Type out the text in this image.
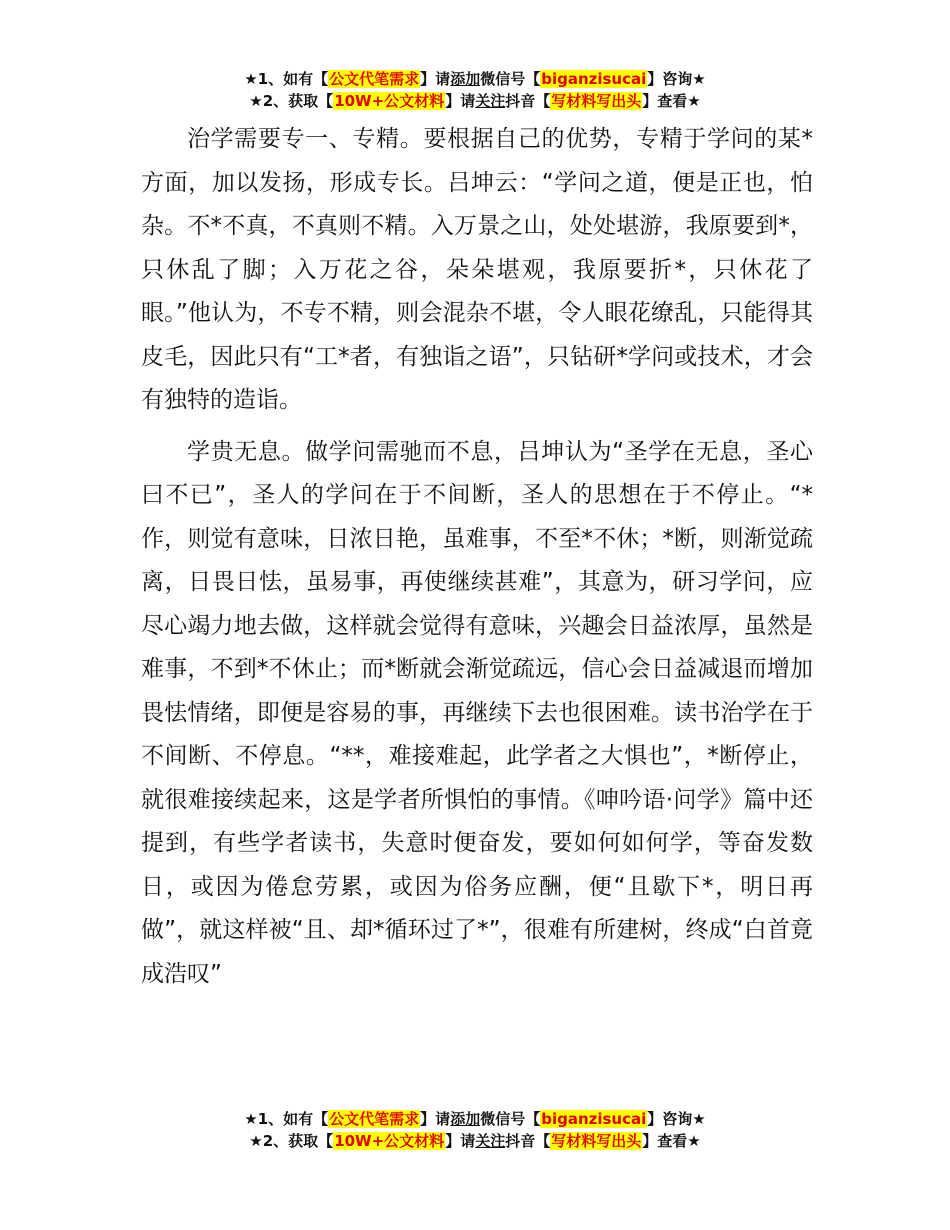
★1、如有【公文代笔需求】请添加微信号【biganzisucai】咨询★
★2、获取【10W+公文材料】请关注抖音【写材料写出头】查看★

治学需要专一、专精。要根据自己的优势，专精于学问的某*方面，加以发扬，形成专长。吕坤云：“学问之道，便是正也，怕杂。不*不真，不真则不精。入万景之山，处处堪游，我原要到*，只休乱了脚；入万花之谷，朵朵堪观，我原要折*，只休花了眼。”他认为，不专不精，则会混杂不堪，令人眼花缭乱，只能得其皮毛，因此只有“工*者，有独诣之语”，只钻研*学问或技术，才会有独特的造诣。

学贵无息。做学问需驰而不息，吕坤认为“圣学在无息，圣心曰不已”，圣人的学问在于不间断，圣人的思想在于不停止。“*作，则觉有意味，日浓日艳，虽难事，不至*不休；*断，则渐觉疏离，日畏日怯，虽易事，再使继续甚难”，其意为，研习学问，应尽心竭力地去做，这样就会觉得有意味，兴趣会日益浓厚，虽然是难事，不到*不休止；而*断就会渐觉疏远，信心会日益减退而增加畏怯情绪，即便是容易的事，再继续下去也很困难。读书治学在于不间断、不停息。“**，难接难起，此学者之大惧也”，*断停止，就很难接续起来，这是学者所惧怕的事情。《呻吟语·问学》篇中还提到，有些学者读书，失意时便奋发，要如何如何学，等奋发数日，或因为倦怠劳累，或因为俗务应酬，便“且歇下*，明日再做”，就这样被“且、却*循环过了*”，很难有所建树，终成“白首竟成浩叹”

★1、如有【公文代笔需求】请添加微信号【biganzisucai】咨询★
★2、获取【10W+公文材料】请关注抖音【写材料写出头】查看★
